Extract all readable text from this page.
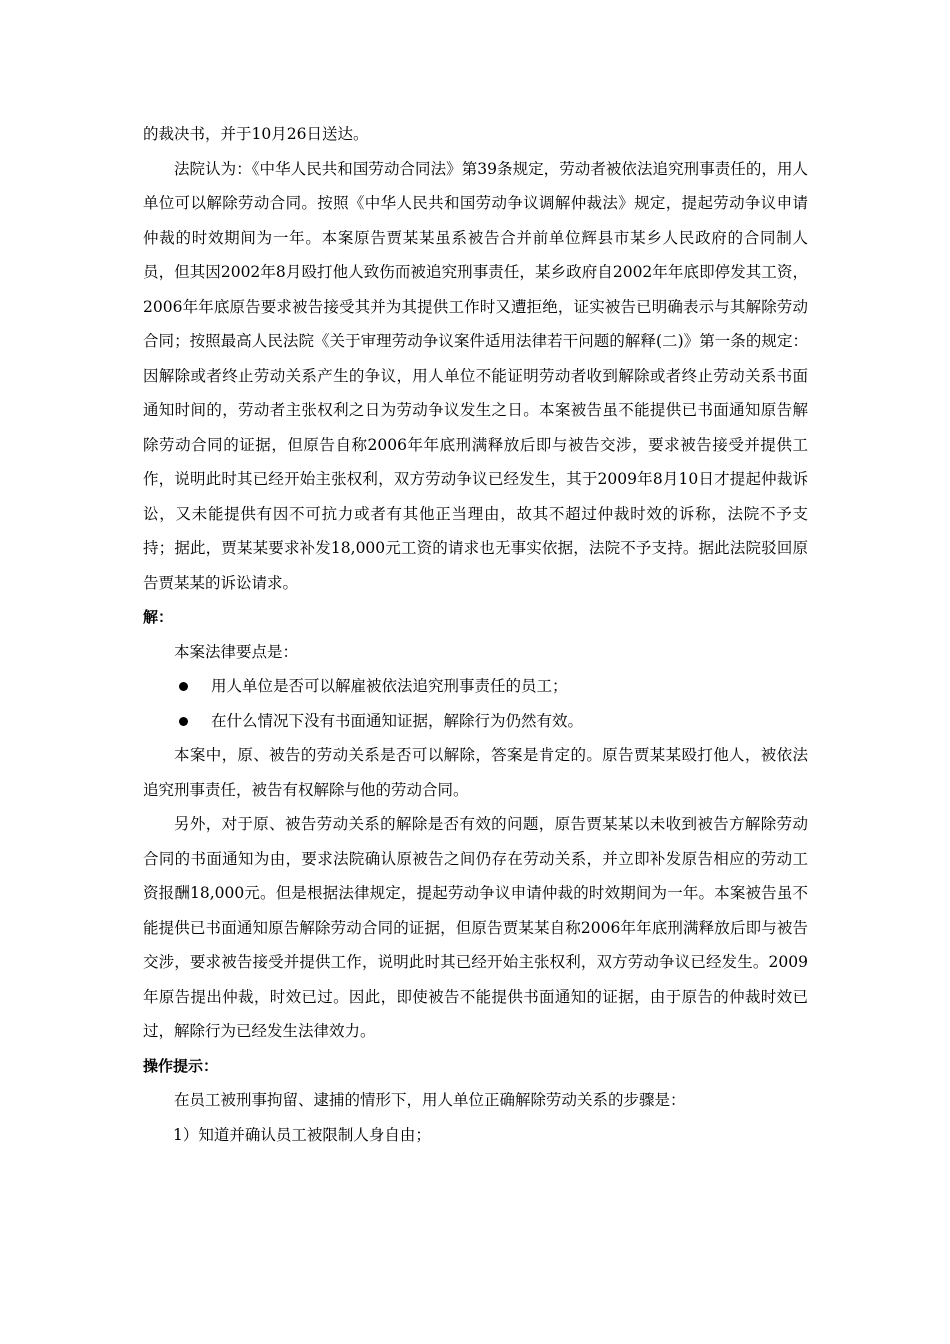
的裁决书，并于10月26日送达。

法院认为：《中华人民共和国劳动合同法》第39条规定，劳动者被依法追究刑事责任的，用人单位可以解除劳动合同。按照《中华人民共和国劳动争议调解仲裁法》规定，提起劳动争议申请仲裁的时效期间为一年。本案原告贾某某虽系被告合并前单位辉县市某乡人民政府的合同制人员，但其因2002年8月殴打他人致伤而被追究刑事责任，某乡政府自2002年年底即停发其工资，2006年年底原告要求被告接受其并为其提供工作时又遭拒绝，证实被告已明确表示与其解除劳动合同；按照最高人民法院《关于审理劳动争议案件适用法律若干问题的解释(二)》第一条的规定：因解除或者终止劳动关系产生的争议，用人单位不能证明劳动者收到解除或者终止劳动关系书面通知时间的，劳动者主张权利之日为劳动争议发生之日。本案被告虽不能提供已书面通知原告解除劳动合同的证据，但原告自称2006年年底刑满释放后即与被告交涉，要求被告接受并提供工作，说明此时其已经开始主张权利，双方劳动争议已经发生，其于2009年8月10日才提起仲裁诉讼，又未能提供有因不可抗力或者有其他正当理由，故其不超过仲裁时效的诉称，法院不予支持；据此，贾某某要求补发18,000元工资的请求也无事实依据，法院不予支持。据此法院驳回原告贾某某的诉讼请求。

解：

本案法律要点是：

用人单位是否可以解雇被依法追究刑事责任的员工；

在什么情况下没有书面通知证据，解除行为仍然有效。

本案中，原、被告的劳动关系是否可以解除，答案是肯定的。原告贾某某殴打他人，被依法追究刑事责任，被告有权解除与他的劳动合同。

另外，对于原、被告劳动关系的解除是否有效的问题，原告贾某某以未收到被告方解除劳动合同的书面通知为由，要求法院确认原被告之间仍存在劳动关系，并立即补发原告相应的劳动工资报酬18,000元。但是根据法律规定，提起劳动争议申请仲裁的时效期间为一年。本案被告虽不能提供已书面通知原告解除劳动合同的证据，但原告贾某某自称2006年年底刑满释放后即与被告交涉，要求被告接受并提供工作，说明此时其已经开始主张权利，双方劳动争议已经发生。2009年原告提出仲裁，时效已过。因此，即使被告不能提供书面通知的证据，由于原告的仲裁时效已过，解除行为已经发生法律效力。

操作提示：

在员工被刑事拘留、逮捕的情形下，用人单位正确解除劳动关系的步骤是：

1）知道并确认员工被限制人身自由；
